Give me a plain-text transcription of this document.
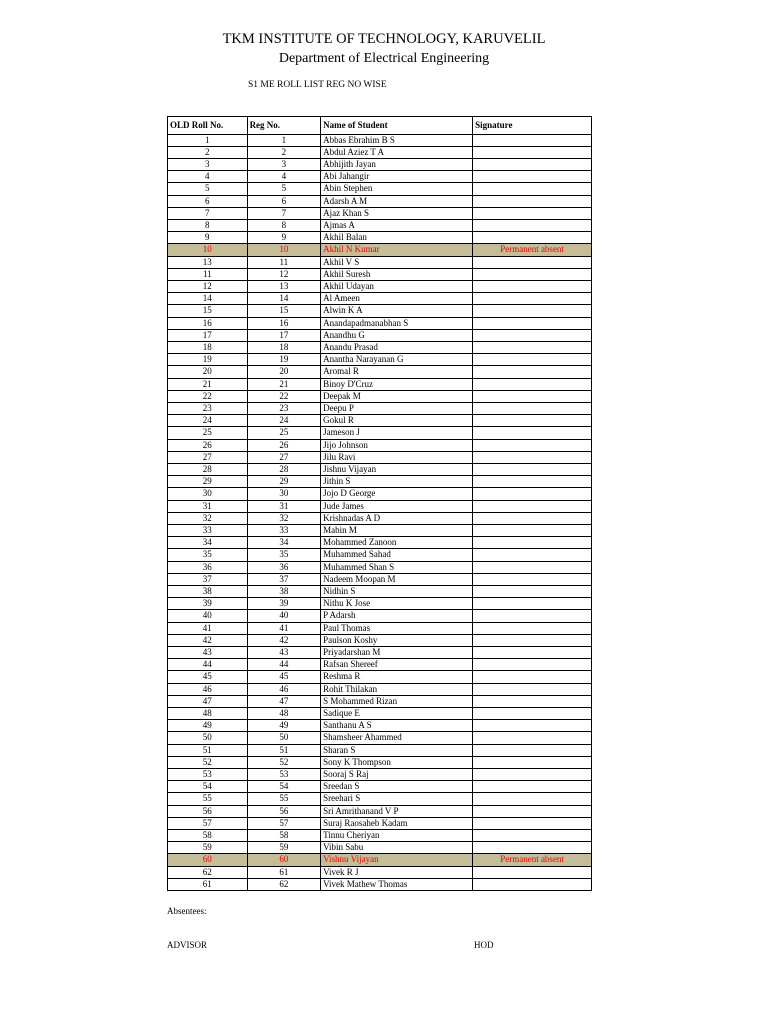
TKM INSTITUTE OF TECHNOLOGY, KARUVELIL
Department of Electrical Engineering
S1 ME ROLL LIST REG NO WISE
OLD Roll No.	Reg No.	Name of Student	Signature
1	1	Abbas Ebrahim B S	
2	2	Abdul Aziez T A	
3	3	Abhijith Jayan	
4	4	Abi Jahangir	
5	5	Abin Stephen	
6	6	Adarsh A M	
7	7	Ajaz Khan S	
8	8	Ajmas A	
9	9	Akhil Balan	
10	10	Akhil N Kumar	Permanent absent
13	11	Akhil V S	
11	12	Akhil Suresh	
12	13	Akhil Udayan	
14	14	Al Ameen	
15	15	Alwin K A	
16	16	Anandapadmanabhan S	
17	17	Anandhu G	
18	18	Anandu Prasad	
19	19	Anantha Narayanan G	
20	20	Aromal R	
21	21	Binoy D'Cruz	
22	22	Deepak M	
23	23	Deepu P	
24	24	Gokul R	
25	25	Jameson J	
26	26	Jijo Johnson	
27	27	Jilu Ravi	
28	28	Jishnu Vijayan	
29	29	Jithin S	
30	30	Jojo D George	
31	31	Jude James	
32	32	Krishnadas A D	
33	33	Mabin M	
34	34	Mohammed Zanoon	
35	35	Muhammed Sahad	
36	36	Muhammed Shan S	
37	37	Nadeem Moopan M	
38	38	Nidhin S	
39	39	Nithu K Jose	
40	40	P Adarsh	
41	41	Paul Thomas	
42	42	Paulson Koshy	
43	43	Priyadarshan M	
44	44	Rafsan Shereef	
45	45	Reshma R	
46	46	Rohit Thilakan	
47	47	S Mohammed Rizan	
48	48	Sadique E	
49	49	Santhanu A S	
50	50	Shamsheer Ahammed	
51	51	Sharan S	
52	52	Sony K Thompson	
53	53	Sooraj S Raj	
54	54	Sreedan S	
55	55	Sreehari S	
56	56	Sri Amrithanand V P	
57	57	Suraj Raosaheb Kadam	
58	58	Tinnu Cheriyan	
59	59	Vibin Sabu	
60	60	Vishnu Vijayan	Permanent absent
62	61	Vivek R J	
61	62	Vivek Mathew Thomas	
Absentees:
ADVISOR	HOD
